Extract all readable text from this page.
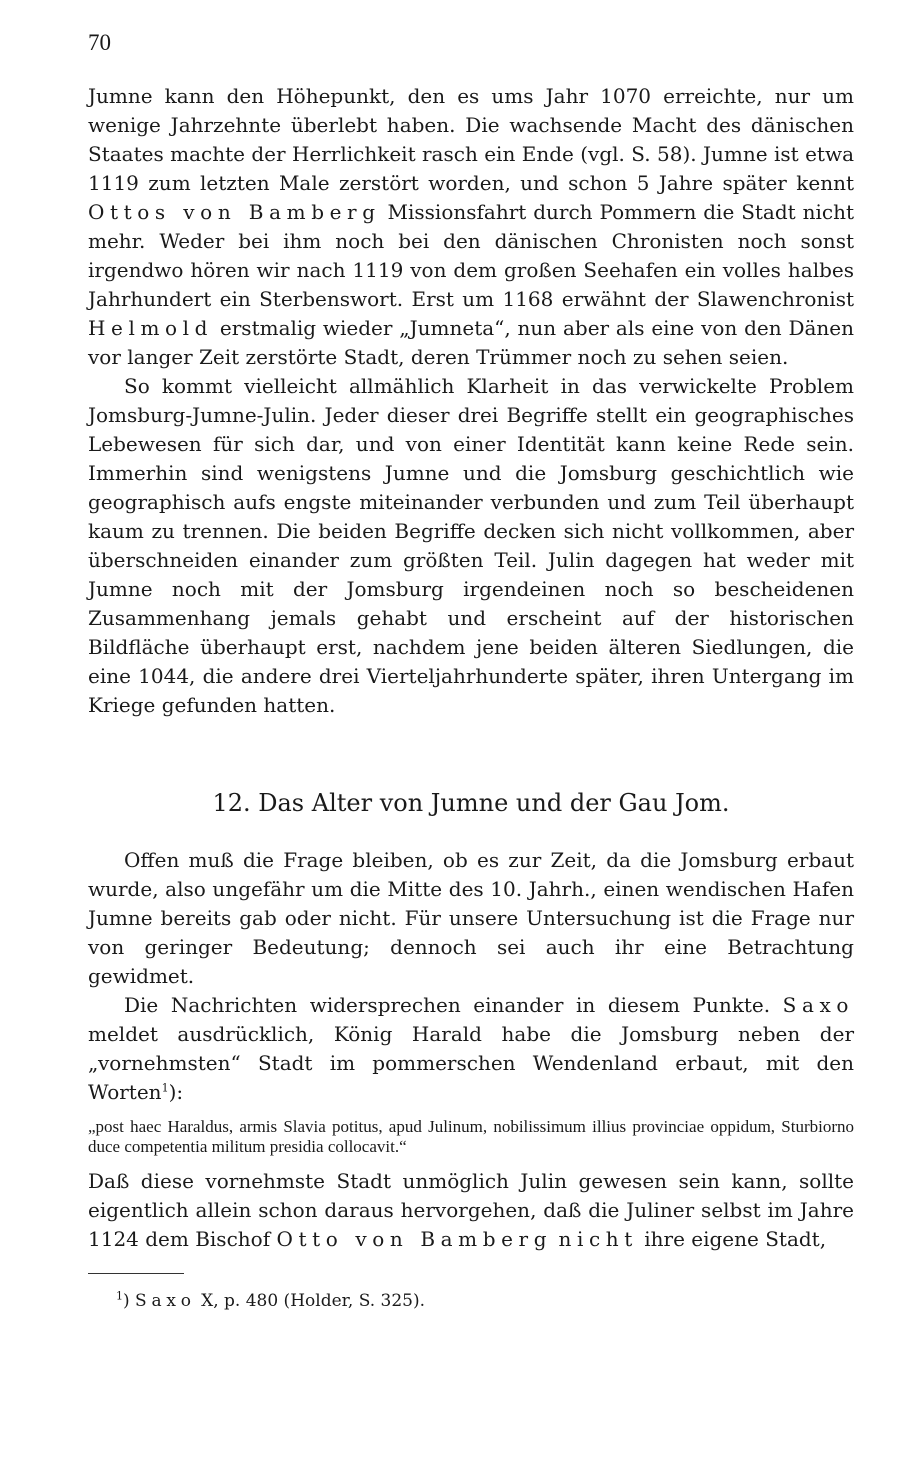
70

Jumne kann den Höhepunkt, den es ums Jahr 1070 erreichte, nur um wenige Jahrzehnte überlebt haben. Die wachsende Macht des dänischen Staates machte der Herrlichkeit rasch ein Ende (vgl. S. 58). Jumne ist etwa 1119 zum letzten Male zerstört worden, und schon 5 Jahre später kennt Ottos von Bamberg Missionsfahrt durch Pommern die Stadt nicht mehr. Weder bei ihm noch bei den dänischen Chronisten noch sonst irgendwo hören wir nach 1119 von dem großen Seehafen ein volles halbes Jahrhundert ein Sterbenswort. Erst um 1168 erwähnt der Slawenchronist Helmold erstmalig wieder „Jumneta“, nun aber als eine von den Dänen vor langer Zeit zerstörte Stadt, deren Trümmer noch zu sehen seien.

So kommt vielleicht allmählich Klarheit in das verwickelte Problem Jomsburg-Jumne-Julin. Jeder dieser drei Begriffe stellt ein geographisches Lebewesen für sich dar, und von einer Identität kann keine Rede sein. Immerhin sind wenigstens Jumne und die Jomsburg geschichtlich wie geographisch aufs engste miteinander verbunden und zum Teil überhaupt kaum zu trennen. Die beiden Begriffe decken sich nicht vollkommen, aber überschneiden einander zum größten Teil. Julin dagegen hat weder mit Jumne noch mit der Jomsburg irgendeinen noch so bescheidenen Zusammenhang jemals gehabt und erscheint auf der historischen Bildfläche überhaupt erst, nachdem jene beiden älteren Siedlungen, die eine 1044, die andere drei Vierteljahrhunderte später, ihren Untergang im Kriege gefunden hatten.

12. Das Alter von Jumne und der Gau Jom.

Offen muß die Frage bleiben, ob es zur Zeit, da die Jomsburg erbaut wurde, also ungefähr um die Mitte des 10. Jahrh., einen wendischen Hafen Jumne bereits gab oder nicht. Für unsere Untersuchung ist die Frage nur von geringer Bedeutung; dennoch sei auch ihr eine Betrachtung gewidmet.

Die Nachrichten widersprechen einander in diesem Punkte. Saxo meldet ausdrücklich, König Harald habe die Jomsburg neben der „vornehmsten“ Stadt im pommerschen Wendenland erbaut, mit den Worten$^1$):

„post haec Haraldus, armis Slavia potitus, apud Julinum, nobilissimum illius provinciae oppidum, Sturbiorno duce competentia militum presidia collocavit.“

Daß diese vornehmste Stadt unmöglich Julin gewesen sein kann, sollte eigentlich allein schon daraus hervorgehen, daß die Juliner selbst im Jahre 1124 dem Bischof Otto von Bamberg nicht ihre eigene Stadt,

$^1$) Saxo X, p. 480 (Holder, S. 325).
